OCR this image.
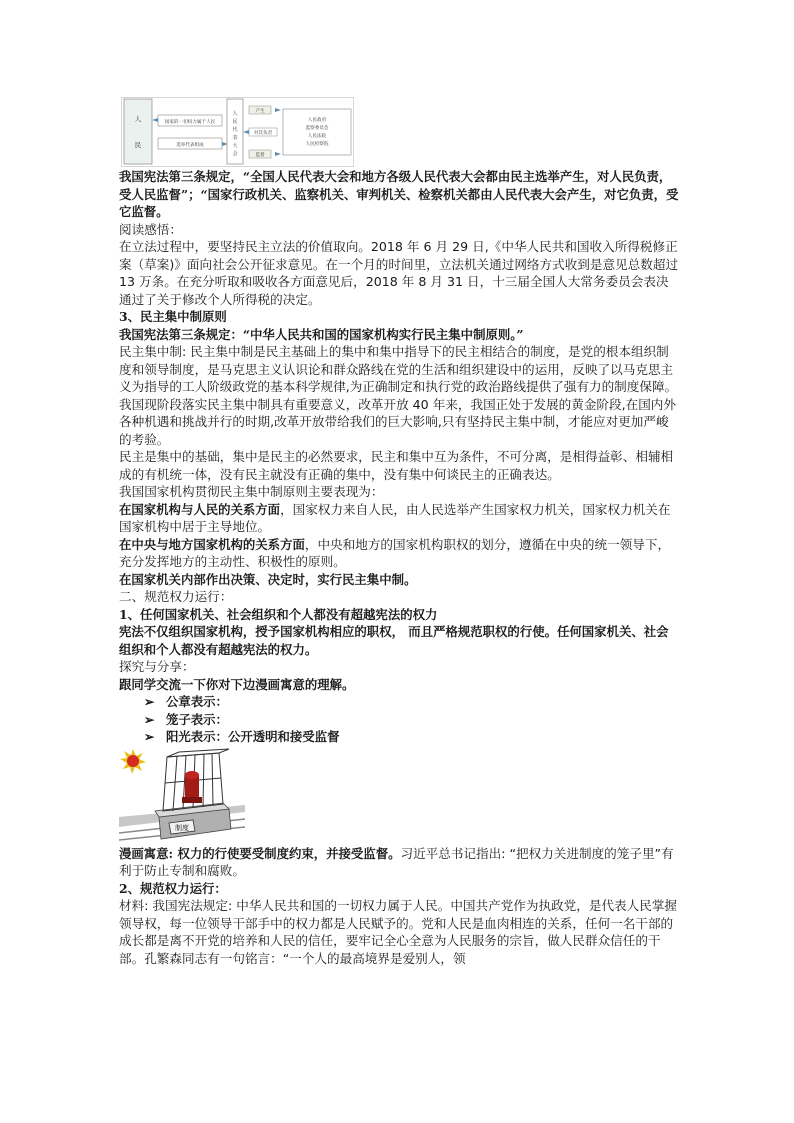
人
民
国家的一切权力属于人民
选举代表组成
人
民
代
表
大
会
产生
对其负责
监督
人民政府
监察委员会
人民法院
人民检察院

我国宪法第三条规定，“全国人民代表大会和地方各级人民代表大会都由民主选举产生，对人民负责，受人民监督”；“国家行政机关、监察机关、审判机关、检察机关都由人民代表大会产生，对它负责，受它监督。

阅读感悟：

在立法过程中，要坚持民主立法的价值取向。2018 年 6 月 29 日,《中华人民共和国收入所得税修正案（草案)》面向社会公开征求意见。在一个月的时间里，立法机关通过网络方式收到是意见总数超过 13 万条。在充分听取和吸收各方面意见后，2018 年 8 月 31 日，十三届全国人大常务委员会表决通过了关于修改个人所得税的决定。

3、民主集中制原则

我国宪法第三条规定：“中华人民共和国的国家机构实行民主集中制原则。”

民主集中制: 民主集中制是民主基础上的集中和集中指导下的民主相结合的制度，是党的根本组织制度和领导制度，是马克思主义认识论和群众路线在党的生活和组织建设中的运用，反映了以马克思主义为指导的工人阶级政党的基本科学规律,为正确制定和执行党的政治路线提供了强有力的制度保障。

我国现阶段落实民主集中制具有重要意义，改革开放 40 年来，我国正处于发展的黄金阶段,在国内外各种机遇和挑战并行的时期,改革开放带给我们的巨大影响,只有坚持民主集中制，才能应对更加严峻的考验。

民主是集中的基础，集中是民主的必然要求，民主和集中互为条件，不可分离，是相得益彰、相辅相成的有机统一体，没有民主就没有正确的集中，没有集中何谈民主的正确表达。

我国国家机构贯彻民主集中制原则主要表现为：

在国家机构与人民的关系方面，国家权力来自人民，由人民选举产生国家权力机关，国家权力机关在国家机构中居于主导地位。

在中央与地方国家机构的关系方面，中央和地方的国家机构职权的划分，遵循在中央的统一领导下，充分发挥地方的主动性、积极性的原则。

在国家机关内部作出决策、决定时，实行民主集中制。

二、规范权力运行：

1、任何国家机关、社会组织和个人都没有超越宪法的权力

宪法不仅组织国家机构，授予国家机构相应的职权， 而且严格规范职权的行使。任何国家机关、社会组织和个人都没有超越宪法的权力。

探究与分享：

跟同学交流一下你对下边漫画寓意的理解。

➢ 公章表示：

➢ 笼子表示：

➢ 阳光表示：公开透明和接受监督

制度

漫画寓意: 权力的行使要受制度约束，并接受监督。习近平总书记指出: “把权力关进制度的笼子里”有利于防止专制和腐败。

2、规范权力运行：

材料: 我国宪法规定: 中华人民共和国的一切权力属于人民。中国共产党作为执政党，是代表人民掌握领导权，每一位领导干部手中的权力都是人民赋予的。党和人民是血肉相连的关系，任何一名干部的成长都是离不开党的培养和人民的信任，要牢记全心全意为人民服务的宗旨，做人民群众信任的干部。孔繁森同志有一句铭言：“一个人的最高境界是爱别人，领
